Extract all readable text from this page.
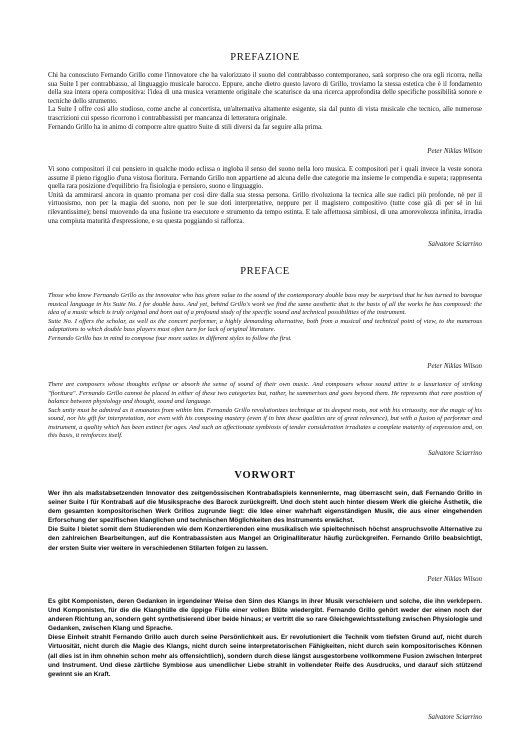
PREFAZIONE

Chi ha conosciuto Fernando Grillo come l'innovatore che ha valorizzato il suono del contrabbasso contemporaneo, sarà sorpreso che ora egli ricorra, nella sua Suite I per contrabbasso, al linguaggio musicale barocco. Eppure, anche dietro questo lavoro di Grillo, troviamo la stessa estetica che è il fondamento della sua intera opera compositiva: l'idea di una musica veramente originale che scaturisce da una ricerca approfondita delle specifiche possibilità sonore e tecniche dello strumento.

La Suite I offre così allo studioso, come anche al concertista, un'alternativa altamente esigente, sia dal punto di vista musicale che tecnico, alle numerose trascrizioni cui spesso ricorrono i contrabbassisti per mancanza di letteratura originale.

Fernando Grillo ha in animo di comporre altre quattro Suite di stili diversi da far seguire alla prima.

Peter Niklas Wilson

Vi sono compositori il cui pensiero in qualche modo eclissa o ingloba il senso del suono nella loro musica. E compositori per i quali invece la veste sonora assume il pieno rigoglio d'una vistosa fioritura. Fernando Grillo non appartiene ad alcuna delle due categorie ma insieme le compendia e supera; rappresenta quella rara posizione d'equilibrio fra fisiologia e pensiero, suono e linguaggio.

Unità da ammirarsi ancora in quanto promana per così dire dalla sua stessa persona. Grillo rivoluziona la tecnica alle sue radici più profonde, nè per il virtuosismo, non per la magia del suono, non per le sue doti interpretative, neppure per il magistero compositivo (tutte cose già di per sé in lui rilevantissime); bensì muovendo da una fusione tra esecutore e strumento da tempo estinta. E tale affettuosa simbiosi, di una amorevolezza infinita, irradia una compiuta maturità d'espressione, e su questa poggiando si rafforza.

Salvatore Sciarrino

PREFACE

Those who know Fernando Grillo as the innovator who has given value to the sound of the contemporary double bass may be surprised that he has turned to baroque musical language in his Suite No. I for double bass. And yet, behind Grillo's work we find the same aesthetic that is the basis of all the works he has composed: the idea of a music which is truly original and born out of a profound study of the specific sound and technical possibilities of the instrument.

Suite No. I offers the scholar, as well as the concert performer, a highly demanding alternative, both from a musical and technical point of view, to the numerous adaptations to which double bass players must often turn for lack of original literature.

Fernando Grillo has in mind to compose four more suites in different styles to follow the first.

Peter Niklas Wilson

There are composers whose thoughts eclipse or absorb the sense of sound of their own music. And composers whose sound attire is a luxuriance of striking "fioritura". Fernando Grillo cannot be placed in either of these two categories but, rather, he summerises and goes beyond them. He represents that rare position of balance between physiology and thought, sound and language.

Such unity must be admired as it emanates from within him. Fernando Grillo revolutionizes technique at its deepest roots, not with his virtuosity, nor the magic of his sound, nor his gift for interpretation, nor even with his composing mastery (even if in him these qualities are of great relevance), but with a fusion of performer and instrument, a quality which has been extinct for ages. And such an affectionate symbiosis of tender consideration irradiates a complete maturity of expression and, on this basis, it reinforces itself.

Salvatore Sciarrino

VORWORT

Wer ihn als maßstabsetzenden Innovator des zeitgenössischen Kontrabaßspiels kennenlernte, mag überrascht sein, daß Fernando Grillo in seiner Suite I für Kontrabaß auf die Musiksprache des Barock zurückgreift. Und doch steht auch hinter diesem Werk die gleiche Ästhetik, die dem gesamten kompositorischen Werk Grillos zugrunde liegt: die Idee einer wahrhaft eigenständigen Musik, die aus einer eingehenden Erforschung der spezifischen klanglichen und technischen Möglichkeiten des Instruments erwächst.

Die Suite I bietet somit dem Studierenden wie dem Konzertierenden eine musikalisch wie spieltechnisch höchst anspruchsvolle Alternative zu den zahlreichen Bearbeitungen, auf die Kontrabassisten aus Mangel an Originalliteratur häufig zurückgreifen. Fernando Grillo beabsichtigt, der ersten Suite vier weitere in verschiedenen Stilarten folgen zu lassen.

Peter Niklas Wilson

Es gibt Komponisten, deren Gedanken in irgendeiner Weise den Sinn des Klangs in ihrer Musik verschleiern und solche, die ihn verkörpern. Und Komponisten, für die die Klanghülle die üppige Fülle einer vollen Blüte wiedergibt. Fernando Grillo gehört weder der einen noch der anderen Richtung an, sondern geht synthetisierend über beide hinaus; er vertritt die so rare Gleichgewichtsstellung zwischen Physiologie und Gedanken, zwischen Klang und Sprache.

Diese Einheit strahlt Fernando Grillo auch durch seine Persönlichkeit aus. Er revolutioniert die Technik vom tiefsten Grund auf, nicht durch Virtuosität, nicht durch die Magie des Klangs, nicht durch seine interpretatorischen Fähigkeiten, nicht durch sein kompositorisches Können (all dies ist in ihm ohnehin schon mehr als offensichtlich), sondern durch diese längst ausgestorbene vollkommene Fusion zwischen Interpret und Instrument. Und diese zärtliche Symbiose aus unendlicher Liebe strahlt in vollendeter Reife des Ausdrucks, und darauf sich stützend gewinnt sie an Kraft.

Salvatore Sciarrino
